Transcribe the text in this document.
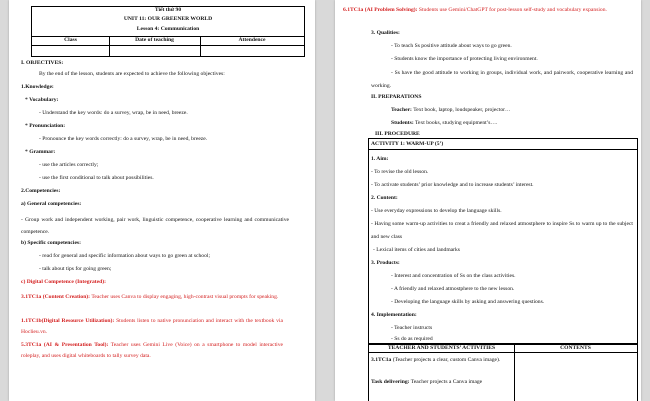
Tiết thứ 90
UNIT 11: OUR GREENER WORLD
Lesson 4: Communication
Class	Date of teaching	Attendence
I. OBJECTIVES:
By the end of the lesson, students are expected to achieve the following objectives:
1.Knowledge:
* Vocabulary:
- Understand the key words: do a survey, wrap, be in need, breeze.
* Pronunciation:
- Pronounce the key words correctly: do a survey, wrap, be in need, breeze.
* Grammar:
- use the articles correctly;
- use the first conditional to talk about possibilities.
2.Competencies:
a) General competencies:
- Group work and independent working, pair work, linguistic competence, cooperative learning and communicative competence.
b) Specific competencies:
- read for general and specific information about ways to go green at school;
- talk about tips for going green;
c) Digital Competence (Integrated):
3.1TC1a (Content Creation): Teacher uses Canva to display engaging, high-contrast visual prompts for speaking.
1.1TC1b(Digital Resource Utilization): Students listen to native pronunciation and interact with the textbook via Hoclieu.vn.
5.3TC1a (AI & Presentation Tool): Teacher uses Gemini Live (Voice) on a smartphone to model interactive roleplay, and uses digital whiteboards to tally survey data.
6.1TC1a (AI Problem Solving): Students use Gemini/ChatGPT for post-lesson self-study and vocabulary expansion.
3. Qualities:
- To teach Ss positive attitude about ways to go green.
- Students know the importance of protecting living environment.
- Ss have the good attitude to working in groups, individual work, and pairwork, cooperative learning and working.
II. PREPARATIONS
Teacher: Text book, laptop, loudspeaker, projector…
Students: Text books, studying equipment’s….
III. PROCEDURE
ACTIVITY 1: WARM-UP (5’)
1. Aim:
- To revise the old lesson.
- To activate students’ prior knowledge and to increase students’ interest.
2. Content:
- Use everyday expressions to develop the language skills.
- Having some warm-up activities to creat a friendly and relaxed atmostphere to inspire Ss to warm up to the subject and new class
- Lexical items of cities and landmarks
3. Products:
- Interest and concentration of Ss on the class activities.
- A friendly and relaxed atmostphere to the new lesson.
- Developing the language skills by asking and answering questions.
4. Implementation:
- Teacher instructs
- Ss do as required
TEACHER AND STUDENTS’ ACTIVITIES	CONTENTS
3.1TC1a (Teacher projects a clear, custom Canva image).
Task delivering: Teacher projects a Canva image
